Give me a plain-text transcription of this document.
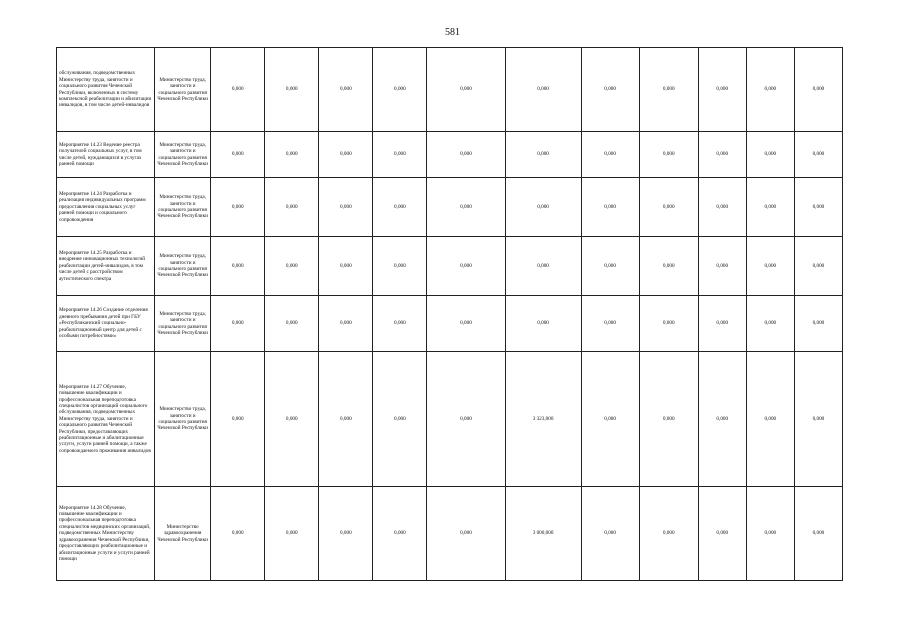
581
обслуживания, подведомственных Министерству труда, занятости и социального развития Чеченской Республики, включенных в систему комплексной реабилитации и абилитации инвалидов, в том числе детей-инвалидов	Министерство труда, занятости и социального развития Чеченской Республики	0,000	0,000	0,000	0,000	0,000	0,000	0,000	0,000	0,000	0,000	0,000
Мероприятие 14.23 Ведение реестра получателей социальных услуг, в том числе детей, нуждающихся в услугах ранней помощи	Министерство труда, занятости и социального развития Чеченской Республики	0,000	0,000	0,000	0,000	0,000	0,000	0,000	0,000	0,000	0,000	0,000
Мероприятие 14.24 Разработка и реализация индивидуальных программ предоставления социальных услуг ранней помощи и социального сопровождения	Министерство труда, занятости и социального развития Чеченской Республики	0,000	0,000	0,000	0,000	0,000	0,000	0,000	0,000	0,000	0,000	0,000
Мероприятие 14.25 Разработка и внедрение инновационных технологий реабилитации детей-инвалидов, в том числе детей с расстройством аутистического спектра	Министерство труда, занятости и социального развития Чеченской Республики	0,000	0,000	0,000	0,000	0,000	0,000	0,000	0,000	0,000	0,000	0,000
Мероприятие 14.26 Создание отделения дневного пребывания детей при ГБУ «Республиканский социально-реабилитационный центр для детей с особыми потребностями»	Министерство труда, занятости и социального развития Чеченской Республики	0,000	0,000	0,000	0,000	0,000	0,000	0,000	0,000	0,000	0,000	0,000
Мероприятие 14.27 Обучение, повышение квалификации и профессиональная переподготовка специалистов организаций социального обслуживания, подведомственных Министерству труда, занятости и социального развития Чеченской Республики, предоставляющих реабилитационные и абилитационные услуги, услуги ранней помощи, а также сопровождаемого проживания инвалидов	Министерство труда, занятости и социального развития Чеченской Республики	0,000	0,000	0,000	0,000	0,000	3 323,000	0,000	0,000	0,000	0,000	0,000
Мероприятие 14.28 Обучение, повышение квалификации и профессиональная переподготовка специалистов медицинских организаций, подведомственных Министерству здравоохранения Чеченской Республики, предоставляющих реабилитационные и абилитационные услуги и услуги ранней помощи	Министерство здравоохранения Чеченской Республики	0,000	0,000	0,000	0,000	0,000	3 000,000	0,000	0,000	0,000	0,000	0,000
